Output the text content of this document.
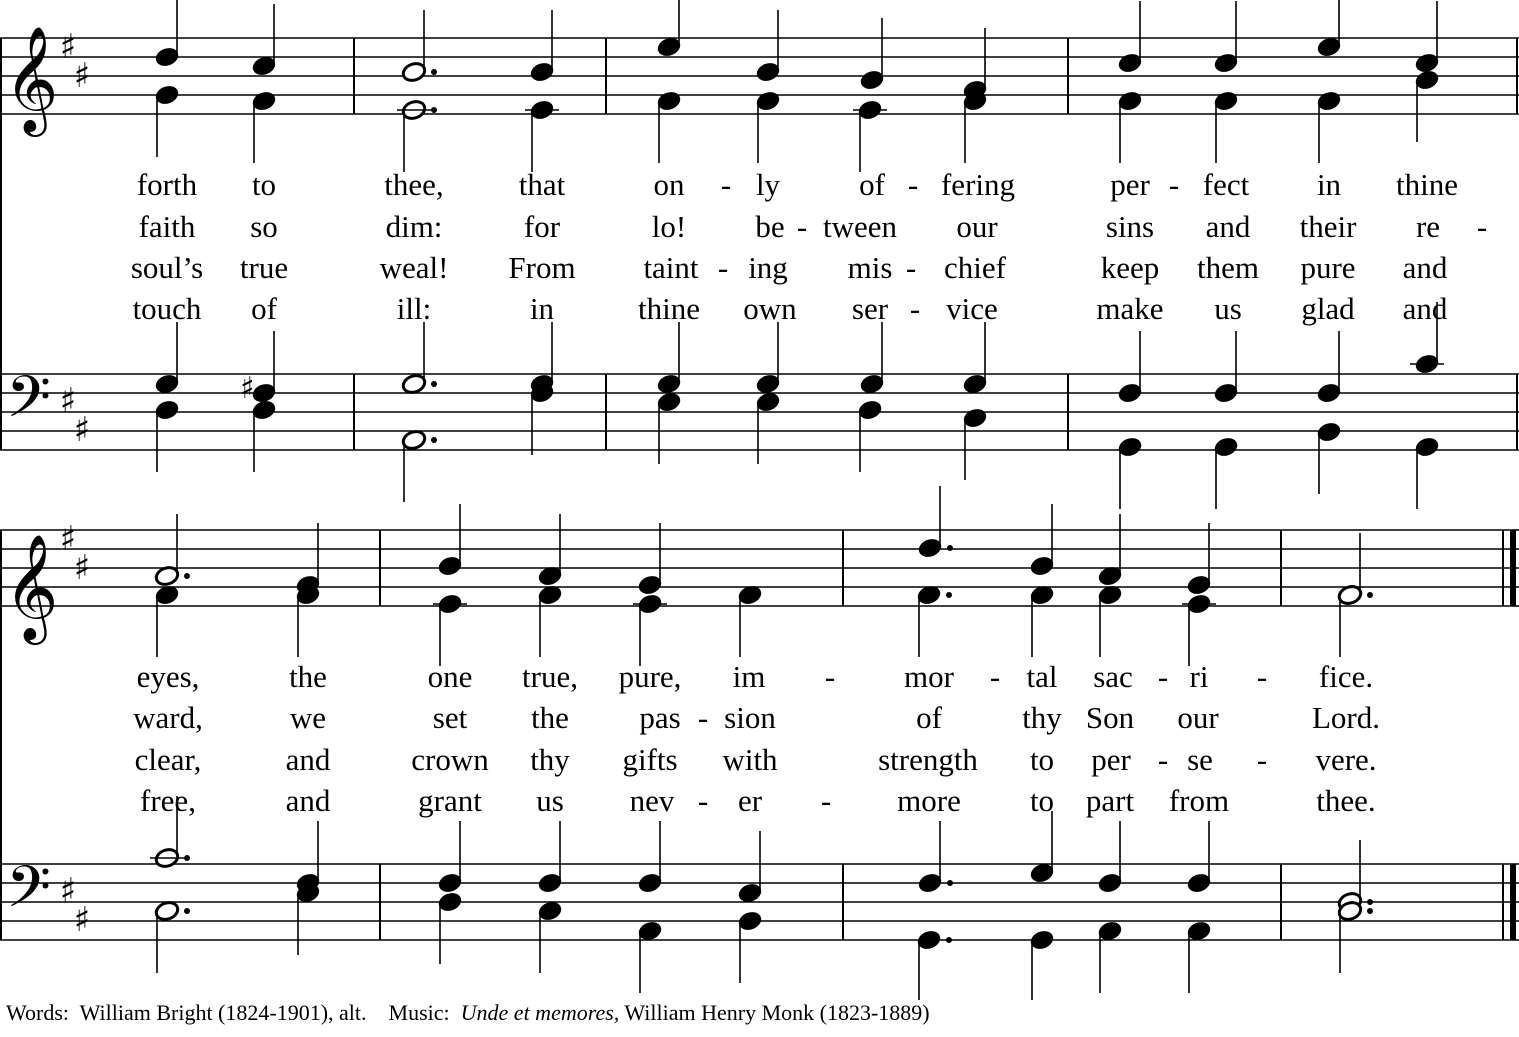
𝄞
𝄞
𝄢
𝄢
♯
♯
♯
♯
♯
♯
♯
♯
♯
forth to	thee, that	on - ly	of - fering	per - fect in thine
faith so	dim:	for	lo! be - tween our	sins and their re -
soul’s true	weal! From taint - ing mis - chief	keep them pure and
touch of	ill:	in	thine own ser - vice	make us glad and
eyes,	the	one true, pure, im - mor - tal sac - ri - fice.
ward,	we	set the pas - sion	of	thy Son our	Lord.
clear,	and	crown thy gifts with	strength to per - se - vere.
free,	and	grant us nev - er - more to part from	thee.
Words: William Bright (1824-1901), alt. Music: Unde et memores, William Henry Monk (1823-1889)
